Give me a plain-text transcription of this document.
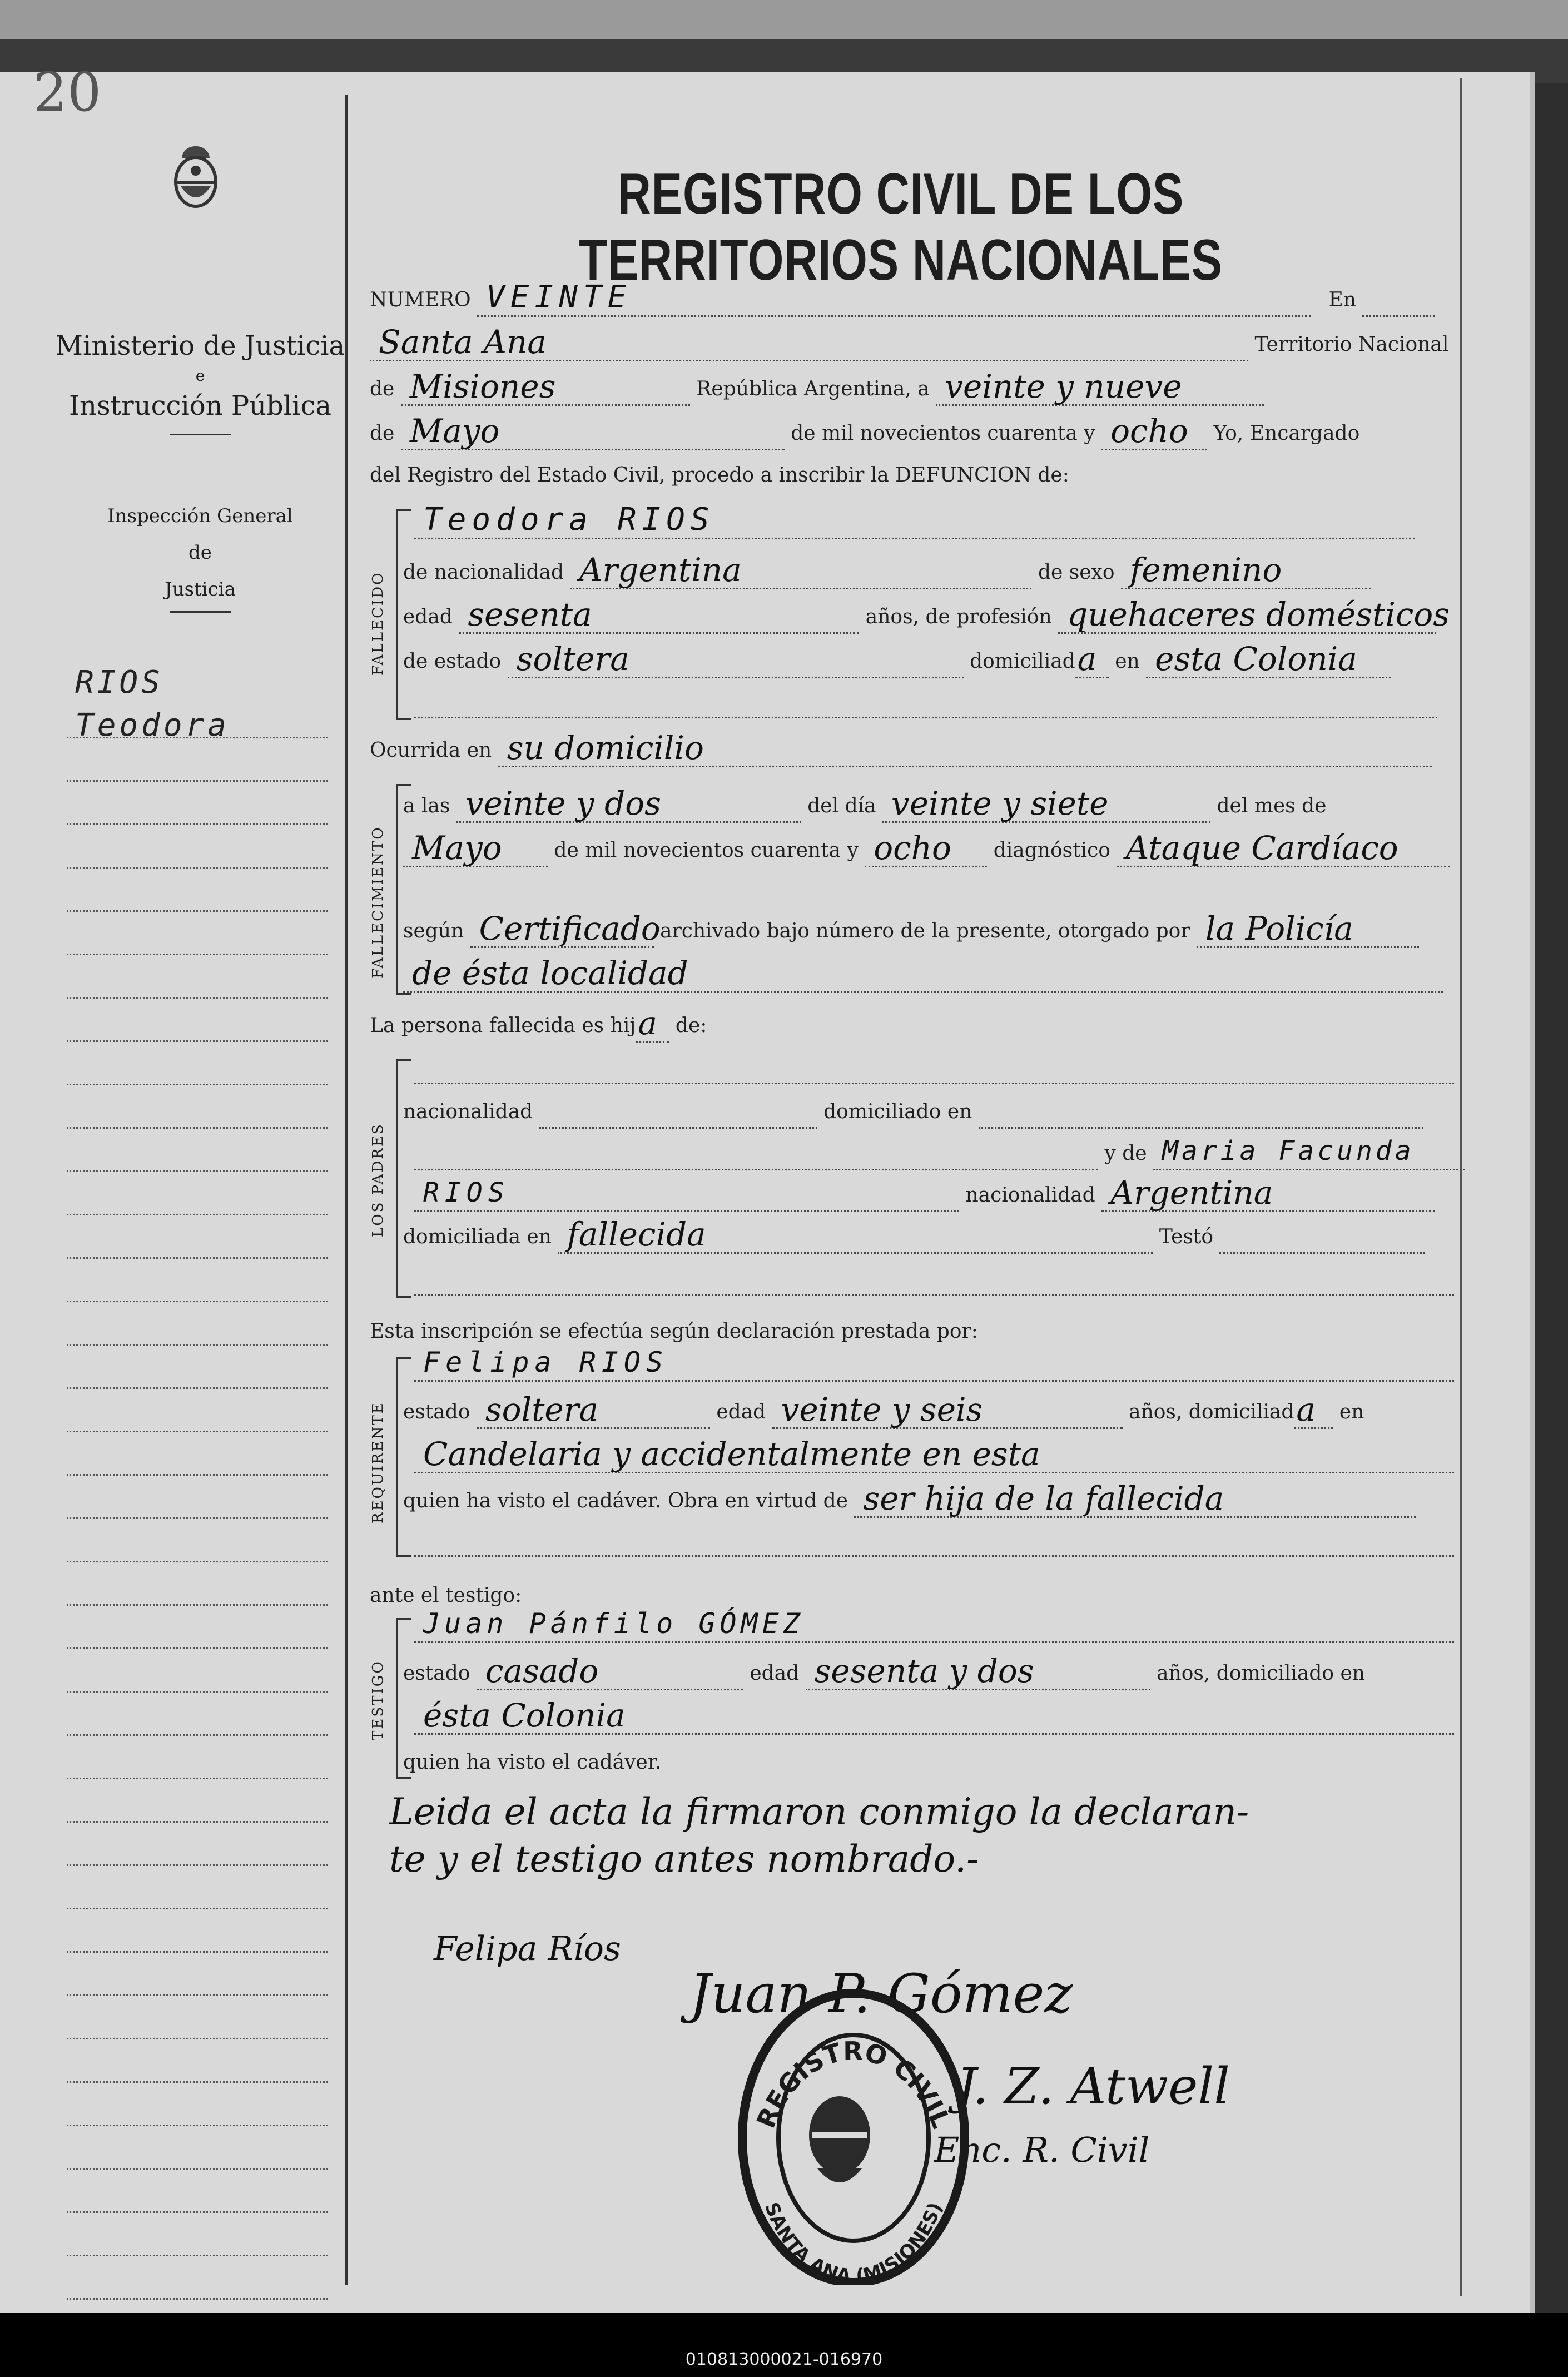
20
Ministerio de Justicia
e
Instrucción Pública
Inspección General
de
Justicia
RIOS
Teodora
REGISTRO CIVIL DE LOS TERRITORIOS NACIONALES
NUMERO VEINTE	En
Santa Ana	Territorio Nacional
de Misiones	República Argentina, a veinte y nueve
de Mayo	de mil novecientos cuarenta y ocho Yo, Encargado
del Registro del Estado Civil, procedo a inscribir la DEFUNCION de:
FALLECIDO
Teodora RIOS
de nacionalidad Argentina	de sexo femenino
edad sesenta	años, de profesión quehaceres domésticos
de estado soltera	domiciliad a en esta Colonia
Ocurrida en su domicilio
FALLECIMIENTO
a las veinte y dos	del día veinte y siete	del mes de
Mayo	de mil novecientos cuarenta y ocho diagnóstico Ataque Cardíaco
según Certificado archivado bajo número de la presente, otorgado por la Policía
de ésta localidad
La persona fallecida es hij a de:
LOS PADRES
nacionalidad	domiciliado en
y de Maria Facunda
RIOS	nacionalidad Argentina
domiciliada en fallecida	Testó
Esta inscripción se efectúa según declaración prestada por:
REQUIRENTE
Felipa RIOS
estado soltera	edad veinte y seis	años, domiciliad a en
Candelaria y accidentalmente en esta
quien ha visto el cadáver. Obra en virtud de ser hija de la fallecida
ante el testigo:
TESTIGO
Juan Pánfilo GÓMEZ
estado casado	edad sesenta y dos	años, domiciliado en
ésta Colonia
quien ha visto el cadáver.
Leida el acta la firmaron conmigo la declaran-
te y el testigo antes nombrado.-
Felipa Ríos
Juan P. Gómez
J. Z. Atwell
Enc. R. Civil
REGISTRO CIVIL
SANTA ANA (MISIONES)
010813000021-016970
